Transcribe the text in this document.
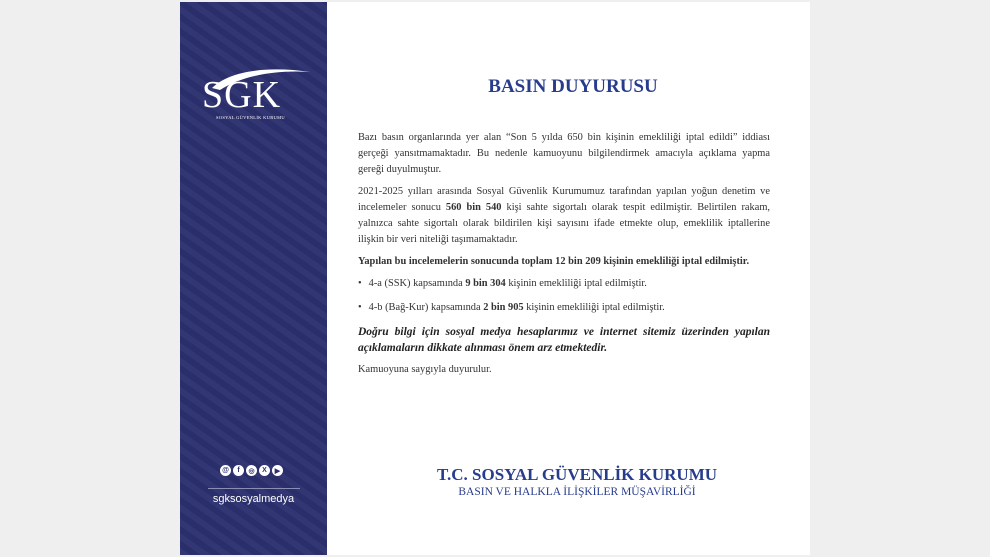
SGK
SOSYAL GÜVENLİK KURUMU
@	f	◎	X	▶
sgksosyalmedya
BASIN DUYURUSU

Bazı basın organlarında yer alan “Son 5 yılda 650 bin kişinin emekliliği iptal edildi” iddiası gerçeği yansıtmamaktadır. Bu nedenle kamuoyunu bilgilendirmek amacıyla açıklama yapma gereği duyulmuştur.

2021-2025 yılları arasında Sosyal Güvenlik Kurumumuz tarafından yapılan yoğun denetim ve incelemeler sonucu 560 bin 540 kişi sahte sigortalı olarak tespit edilmiştir. Belirtilen rakam, yalnızca sahte sigortalı olarak bildirilen kişi sayısını ifade etmekte olup, emeklilik iptallerine ilişkin bir veri niteliği taşımamaktadır.

Yapılan bu incelemelerin sonucunda toplam 12 bin 209 kişinin emekliliği iptal edilmiştir.

• 4-a (SSK) kapsamında 9 bin 304 kişinin emekliliği iptal edilmiştir.
• 4-b (Bağ-Kur) kapsamında 2 bin 905 kişinin emekliliği iptal edilmiştir.

Doğru bilgi için sosyal medya hesaplarımız ve internet sitemiz üzerinden yapılan açıklamaların dikkate alınması önem arz etmektedir.

Kamuoyuna saygıyla duyurulur.

T.C. SOSYAL GÜVENLİK KURUMU
BASIN VE HALKLA İLİŞKİLER MÜŞAVİRLİĞİ
